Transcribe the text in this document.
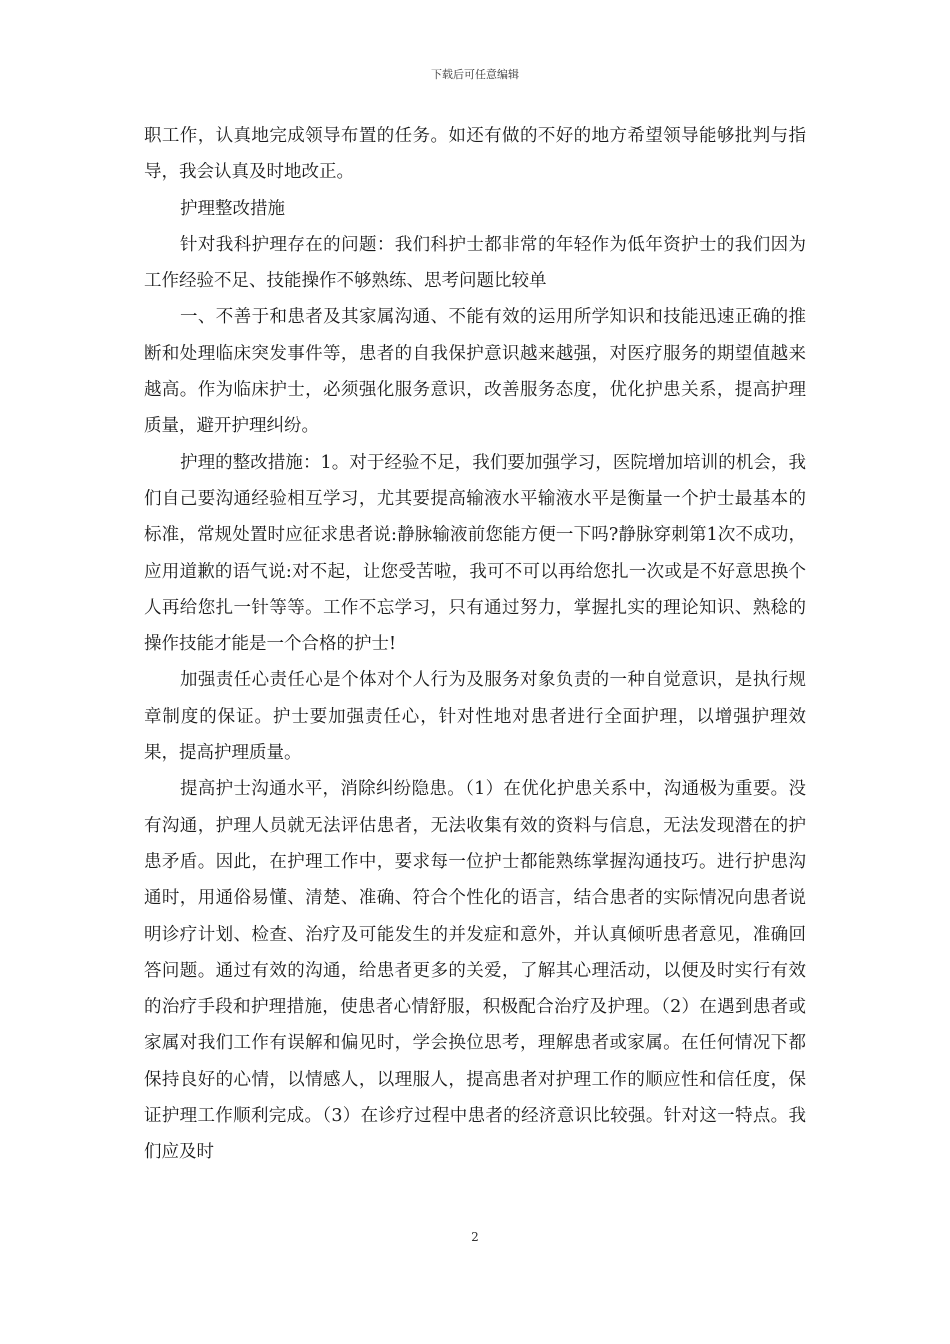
下载后可任意编辑

职工作，认真地完成领导布置的任务。如还有做的不好的地方希望领导能够批判与指导，我会认真及时地改正。

护理整改措施

针对我科护理存在的问题：我们科护士都非常的年轻作为低年资护士的我们因为工作经验不足、技能操作不够熟练、思考问题比较单

一、不善于和患者及其家属沟通、不能有效的运用所学知识和技能迅速正确的推断和处理临床突发事件等，患者的自我保护意识越来越强，对医疗服务的期望值越来越高。作为临床护士，必须强化服务意识，改善服务态度，优化护患关系，提高护理质量，避开护理纠纷。

护理的整改措施：1。对于经验不足，我们要加强学习，医院增加培训的机会，我们自己要沟通经验相互学习，尤其要提高输液水平输液水平是衡量一个护士最基本的标准，常规处置时应征求患者说:静脉输液前您能方便一下吗?静脉穿刺第1次不成功，应用道歉的语气说:对不起，让您受苦啦，我可不可以再给您扎一次或是不好意思换个人再给您扎一针等等。工作不忘学习，只有通过努力，掌握扎实的理论知识、熟稔的操作技能才能是一个合格的护士!

加强责任心责任心是个体对个人行为及服务对象负责的一种自觉意识，是执行规章制度的保证。护士要加强责任心，针对性地对患者进行全面护理，以增强护理效果，提高护理质量。

提高护士沟通水平，消除纠纷隐患。（1）在优化护患关系中，沟通极为重要。没有沟通，护理人员就无法评估患者，无法收集有效的资料与信息，无法发现潜在的护患矛盾。因此，在护理工作中，要求每一位护士都能熟练掌握沟通技巧。进行护患沟通时，用通俗易懂、清楚、准确、符合个性化的语言，结合患者的实际情况向患者说明诊疗计划、检查、治疗及可能发生的并发症和意外，并认真倾听患者意见，准确回答问题。通过有效的沟通，给患者更多的关爱，了解其心理活动，以便及时实行有效的治疗手段和护理措施，使患者心情舒服，积极配合治疗及护理。（2）在遇到患者或家属对我们工作有误解和偏见时，学会换位思考，理解患者或家属。在任何情况下都保持良好的心情，以情感人，以理服人，提高患者对护理工作的顺应性和信任度，保证护理工作顺利完成。（3）在诊疗过程中患者的经济意识比较强。针对这一特点。我们应及时

2
